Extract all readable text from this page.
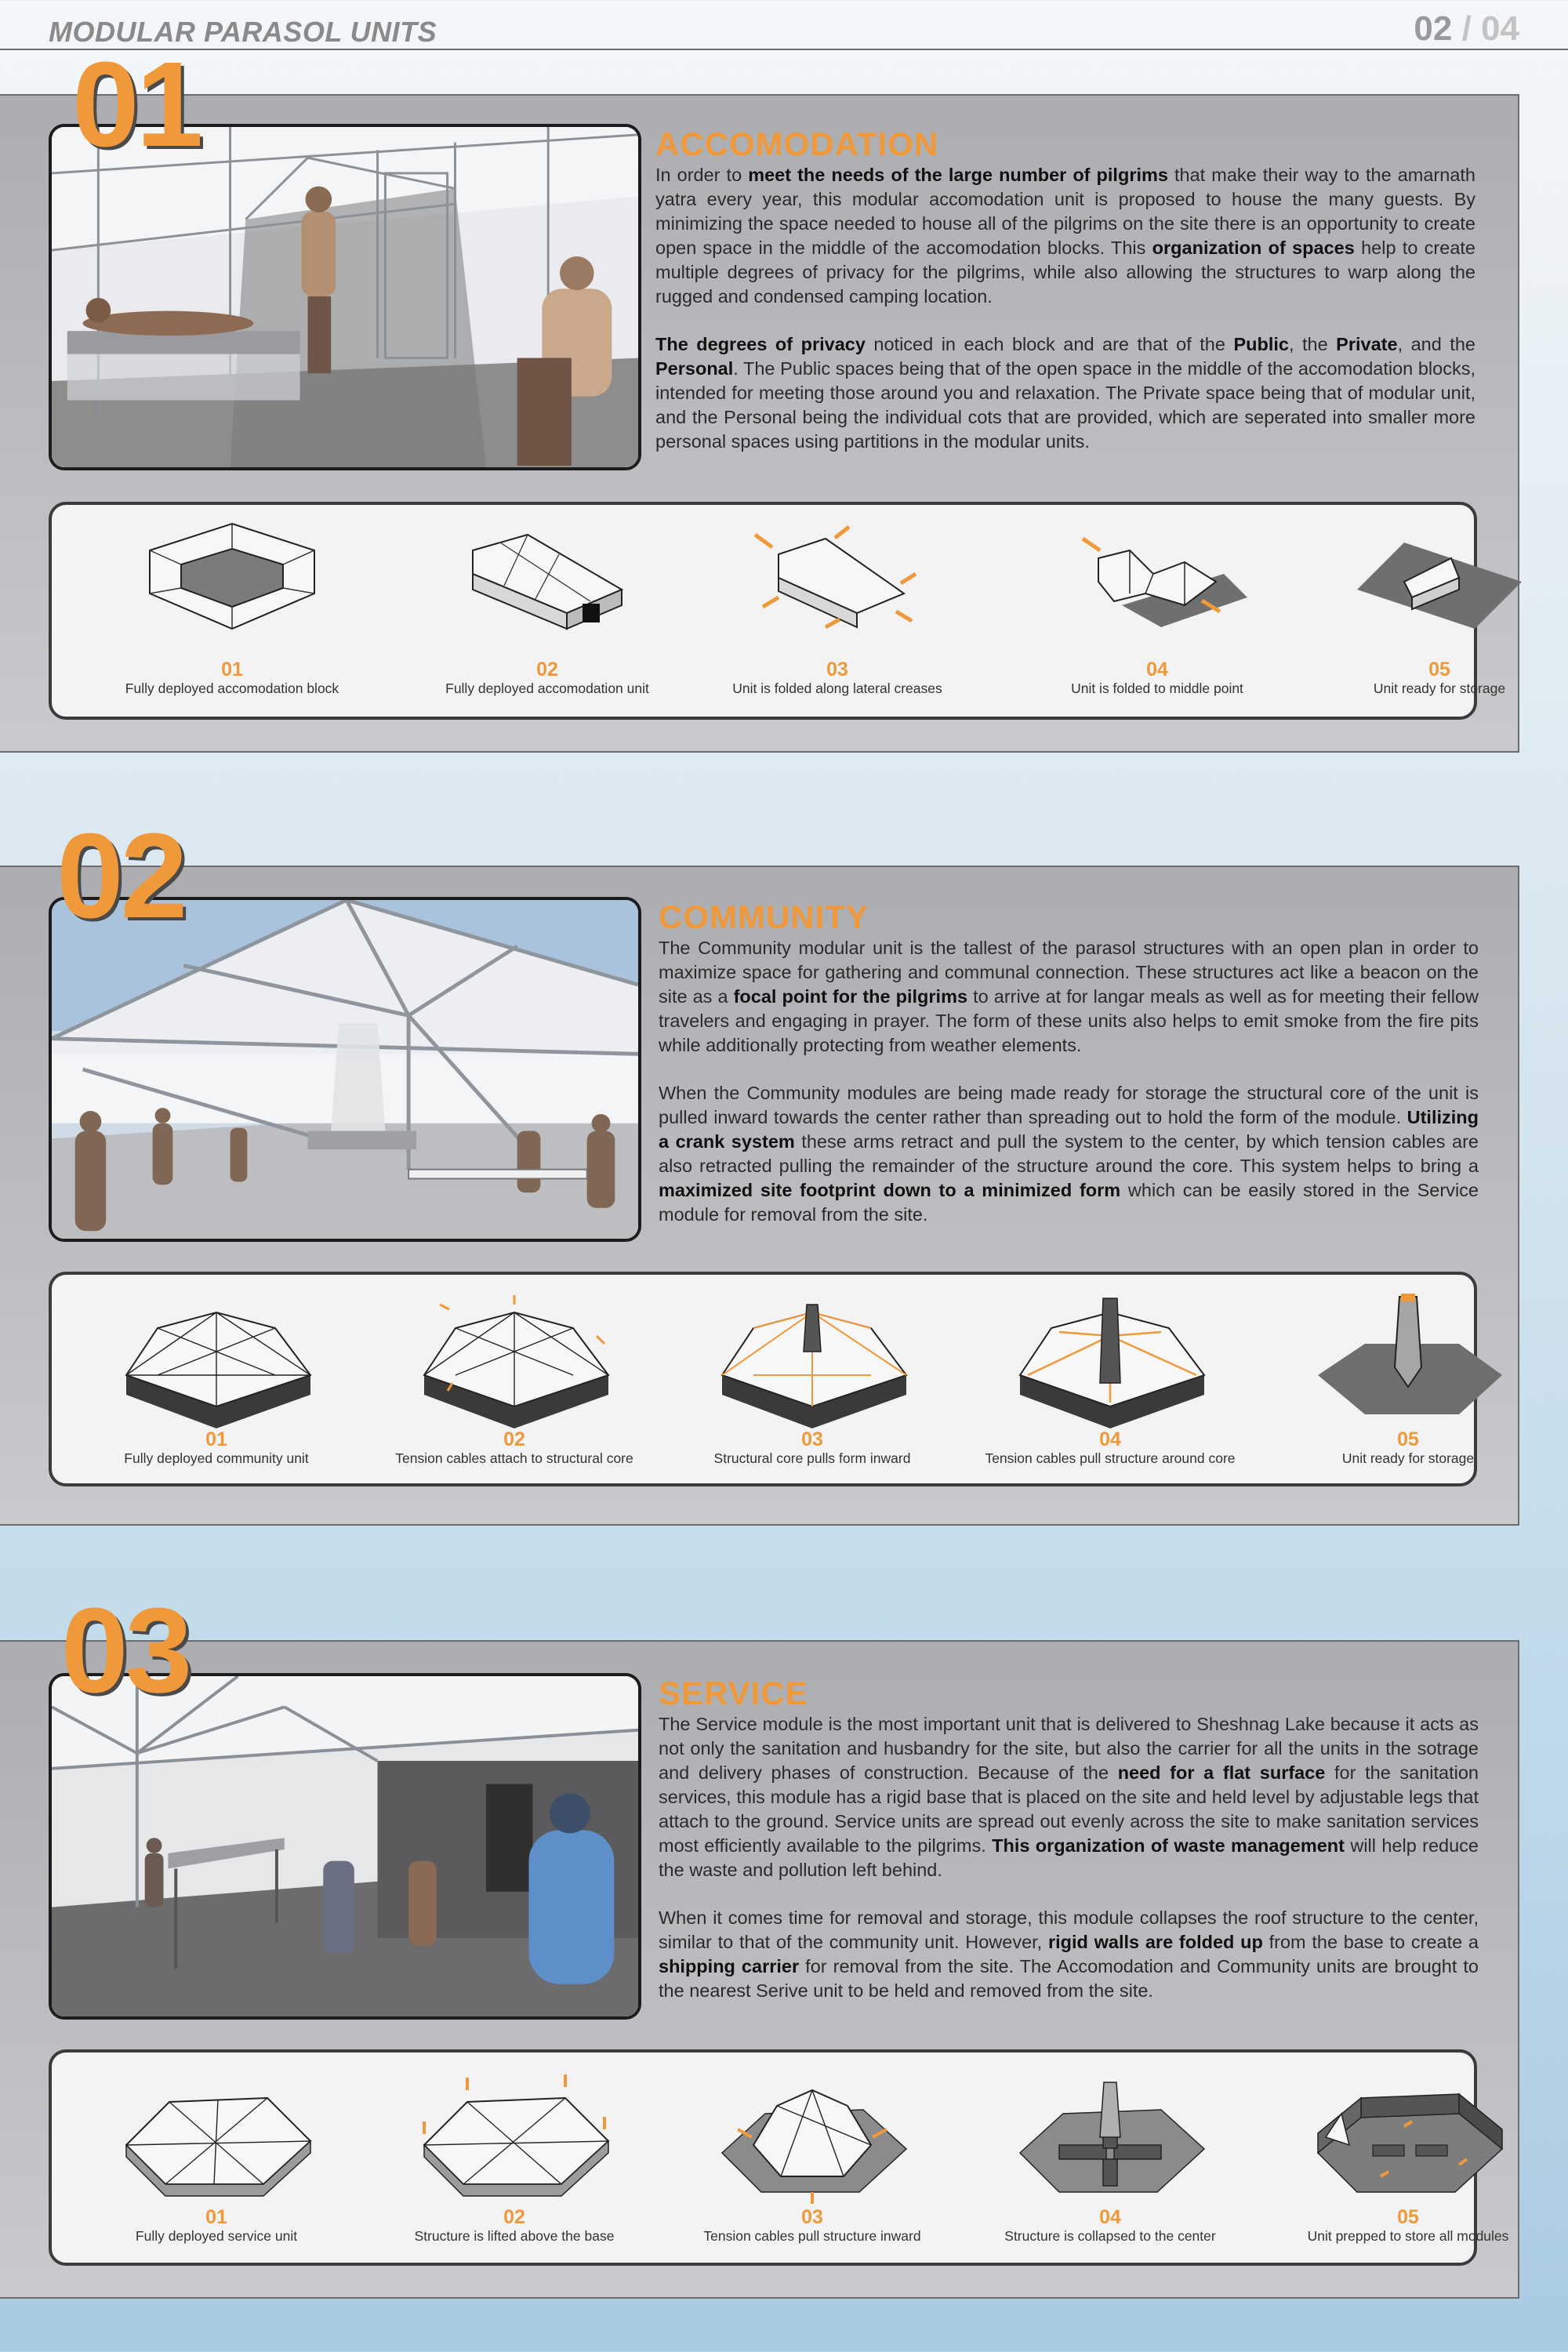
MODULAR PARASOL UNITS	02 / 04
01	ACCOMODATION

In order to meet the needs of the large number of pilgrims that make their way to the amarnath yatra every year, this modular accomodation unit is proposed to house the many guests. By minimizing the space needed to house all of the pilgrims on the site there is an opportunity to create open space in the middle of the accomodation blocks. This organization of spaces help to create multiple degrees of privacy for the pilgrims, while also allowing the structures to warp along the rugged and condensed camping location.

The degrees of privacy noticed in each block and are that of the Public, the Private, and the Personal. The Public spaces being that of the open space in the middle of the accomodation blocks, intended for meeting those around you and relaxation. The Private space being that of modular unit, and the Personal being the individual cots that are provided, which are seperated into smaller more personal spaces using partitions in the modular units.

01
Fully deployed accomodation block
02
Fully deployed accomodation unit
03
Unit is folded along lateral creases
04
Unit is folded to middle point
05
Unit ready for storage
02	COMMUNITY

The Community modular unit is the tallest of the parasol structures with an open plan in order to maximize space for gathering and communal connection. These structures act like a beacon on the site as a focal point for the pilgrims to arrive at for langar meals as well as for meeting their fellow travelers and engaging in prayer. The form of these units also helps to emit smoke from the fire pits while additionally protecting from weather elements.

When the Community modules are being made ready for storage the structural core of the unit is pulled inward towards the center rather than spreading out to hold the form of the module. Utilizing a crank system these arms retract and pull the system to the center, by which tension cables are also retracted pulling the remainder of the structure around the core. This system helps to bring a maximized site footprint down to a minimized form which can be easily stored in the Service module for removal from the site.

01
Fully deployed community unit
02
Tension cables attach to structural core
03
Structural core pulls form inward
04
Tension cables pull structure around core
05
Unit ready for storage
03	SERVICE

The Service module is the most important unit that is delivered to Sheshnag Lake because it acts as not only the sanitation and husbandry for the site, but also the carrier for all the units in the sotrage and delivery phases of construction. Because of the need for a flat surface for the sanitation services, this module has a rigid base that is placed on the site and held level by adjustable legs that attach to the ground. Service units are spread out evenly across the site to make sanitation services most efficiently available to the pilgrims. This organization of waste management will help reduce the waste and pollution left behind.

When it comes time for removal and storage, this module collapses the roof structure to the center, similar to that of the community unit. However, rigid walls are folded up from the base to create a shipping carrier for removal from the site. The Accomodation and Community units are brought to the nearest Serive unit to be held and removed from the site.

01
Fully deployed service unit
02
Structure is lifted above the base
03
Tension cables pull structure inward
04
Structure is collapsed to the center
05
Unit prepped to store all modules
